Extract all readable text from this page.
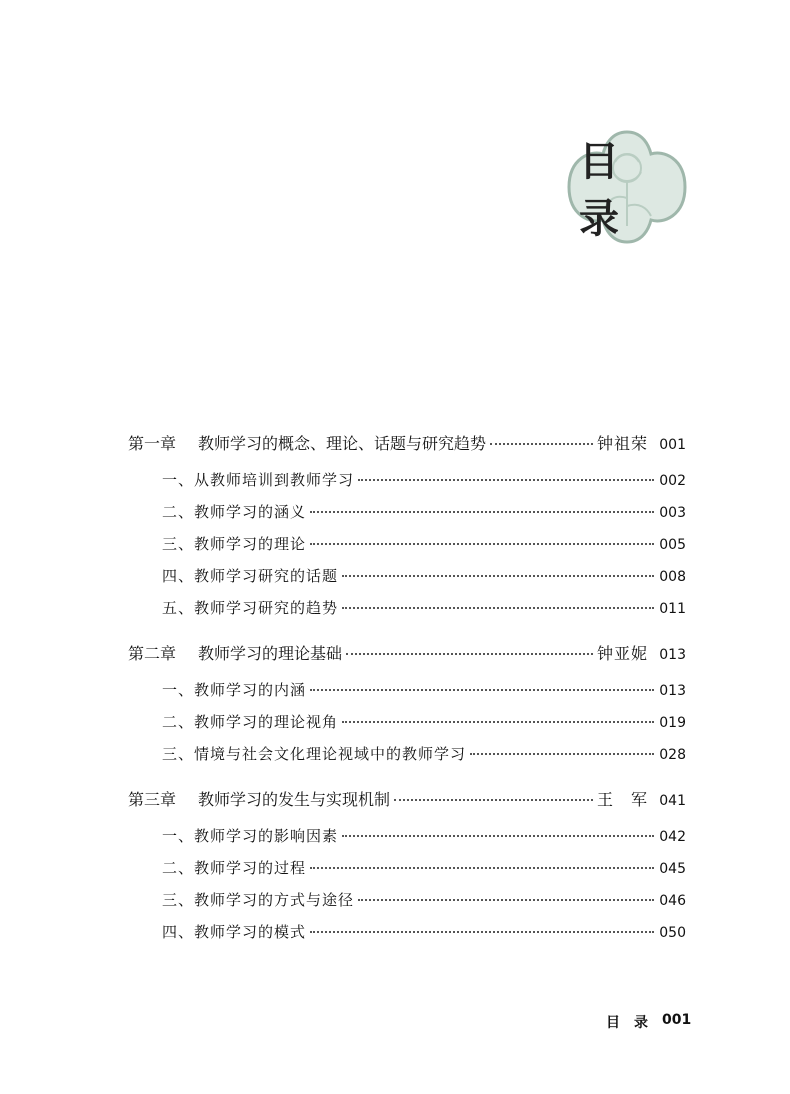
目录
第一章	教师学习的概念、理论、话题与研究趋势	钟祖荣 001
一、从教师培训到教师学习	002
二、教师学习的涵义	003
三、教师学习的理论	005
四、教师学习研究的话题	008
五、教师学习研究的趋势	011
第二章	教师学习的理论基础	钟亚妮 013
一、教师学习的内涵	013
二、教师学习的理论视角	019
三、情境与社会文化理论视域中的教师学习	028
第三章	教师学习的发生与实现机制	王　军 041
一、教师学习的影响因素	042
二、教师学习的过程	045
三、教师学习的方式与途径	046
四、教师学习的模式	050
目　录 001
